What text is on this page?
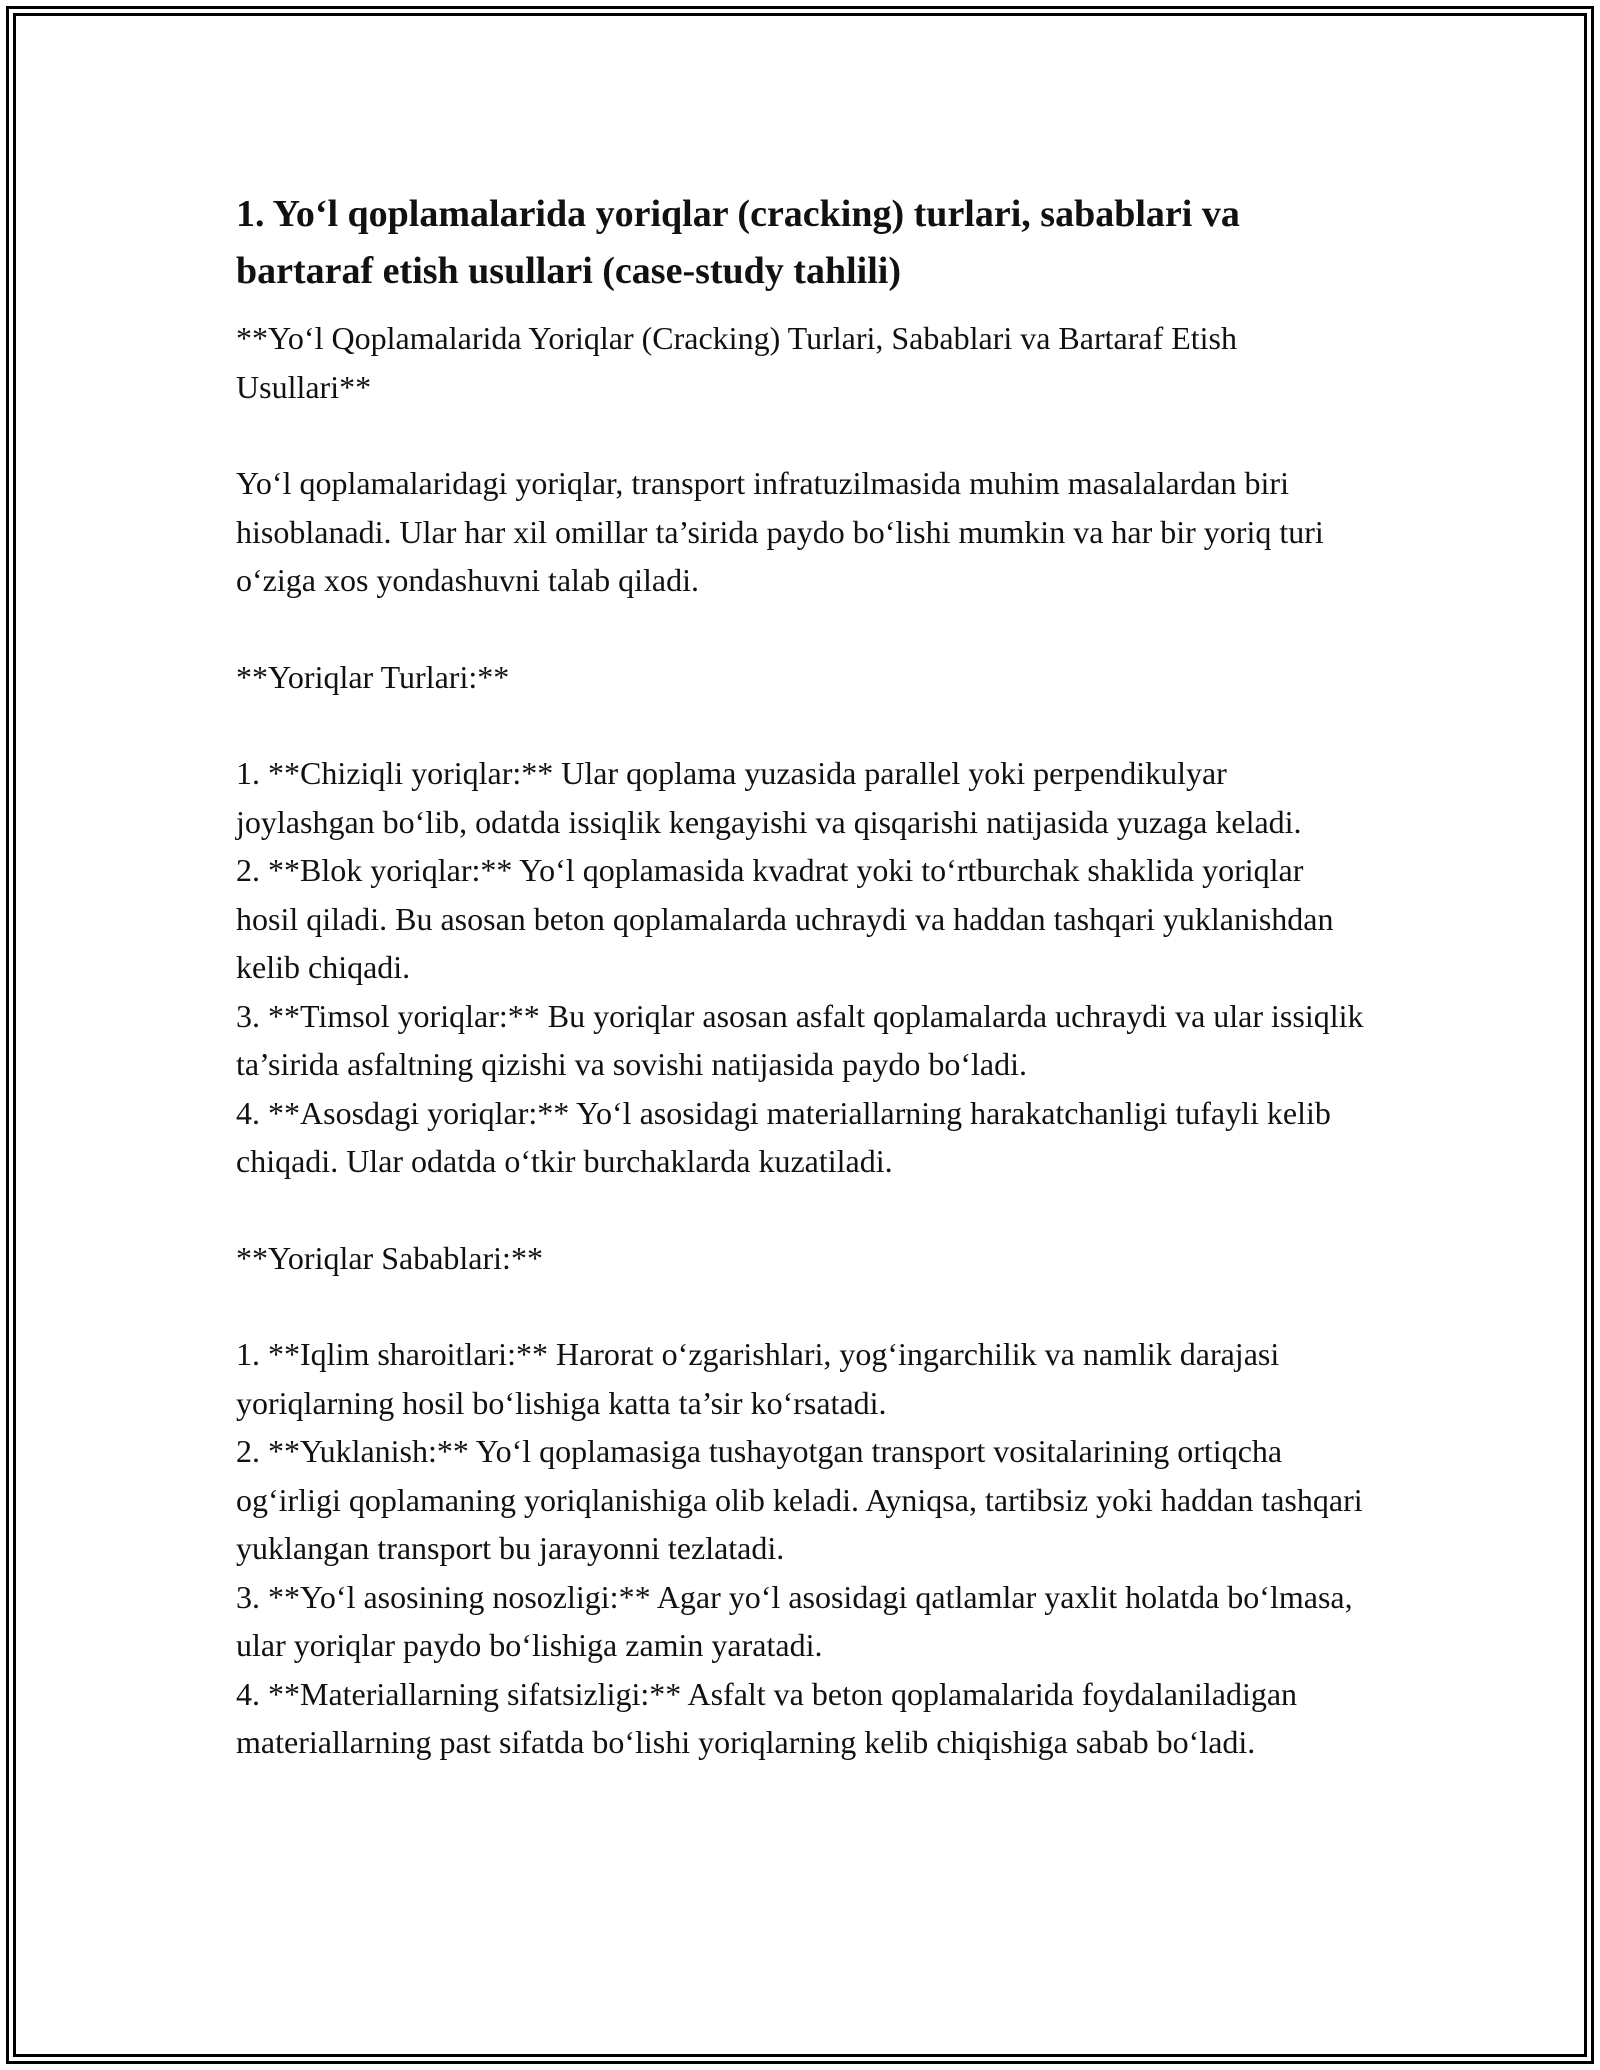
1. Yo‘l qoplamalarida yoriqlar (cracking) turlari, sabablari va bartaraf etish usullari (case-study tahlili)

**Yo‘l Qoplamalarida Yoriqlar (Cracking) Turlari, Sabablari va Bartaraf Etish Usullari**

Yo‘l qoplamalaridagi yoriqlar, transport infratuzilmasida muhim masalalardan biri hisoblanadi. Ular har xil omillar ta’sirida paydo bo‘lishi mumkin va har bir yoriq turi o‘ziga xos yondashuvni talab qiladi.

**Yoriqlar Turlari:**

1. **Chiziqli yoriqlar:** Ular qoplama yuzasida parallel yoki perpendikulyar joylashgan bo‘lib, odatda issiqlik kengayishi va qisqarishi natijasida yuzaga keladi.

2. **Blok yoriqlar:** Yo‘l qoplamasida kvadrat yoki to‘rtburchak shaklida yoriqlar hosil qiladi. Bu asosan beton qoplamalarda uchraydi va haddan tashqari yuklanishdan kelib chiqadi.

3. **Timsol yoriqlar:** Bu yoriqlar asosan asfalt qoplamalarda uchraydi va ular issiqlik ta’sirida asfaltning qizishi va sovishi natijasida paydo bo‘ladi.

4. **Asosdagi yoriqlar:** Yo‘l asosidagi materiallarning harakatchanligi tufayli kelib chiqadi. Ular odatda o‘tkir burchaklarda kuzatiladi.

**Yoriqlar Sabablari:**

1. **Iqlim sharoitlari:** Harorat o‘zgarishlari, yog‘ingarchilik va namlik darajasi yoriqlarning hosil bo‘lishiga katta ta’sir ko‘rsatadi.

2. **Yuklanish:** Yo‘l qoplamasiga tushayotgan transport vositalarining ortiqcha og‘irligi qoplamaning yoriqlanishiga olib keladi. Ayniqsa, tartibsiz yoki haddan tashqari yuklangan transport bu jarayonni tezlatadi.

3. **Yo‘l asosining nosozligi:** Agar yo‘l asosidagi qatlamlar yaxlit holatda bo‘lmasa, ular yoriqlar paydo bo‘lishiga zamin yaratadi.

4. **Materiallarning sifatsizligi:** Asfalt va beton qoplamalarida foydalaniladigan materiallarning past sifatda bo‘lishi yoriqlarning kelib chiqishiga sabab bo‘ladi.
